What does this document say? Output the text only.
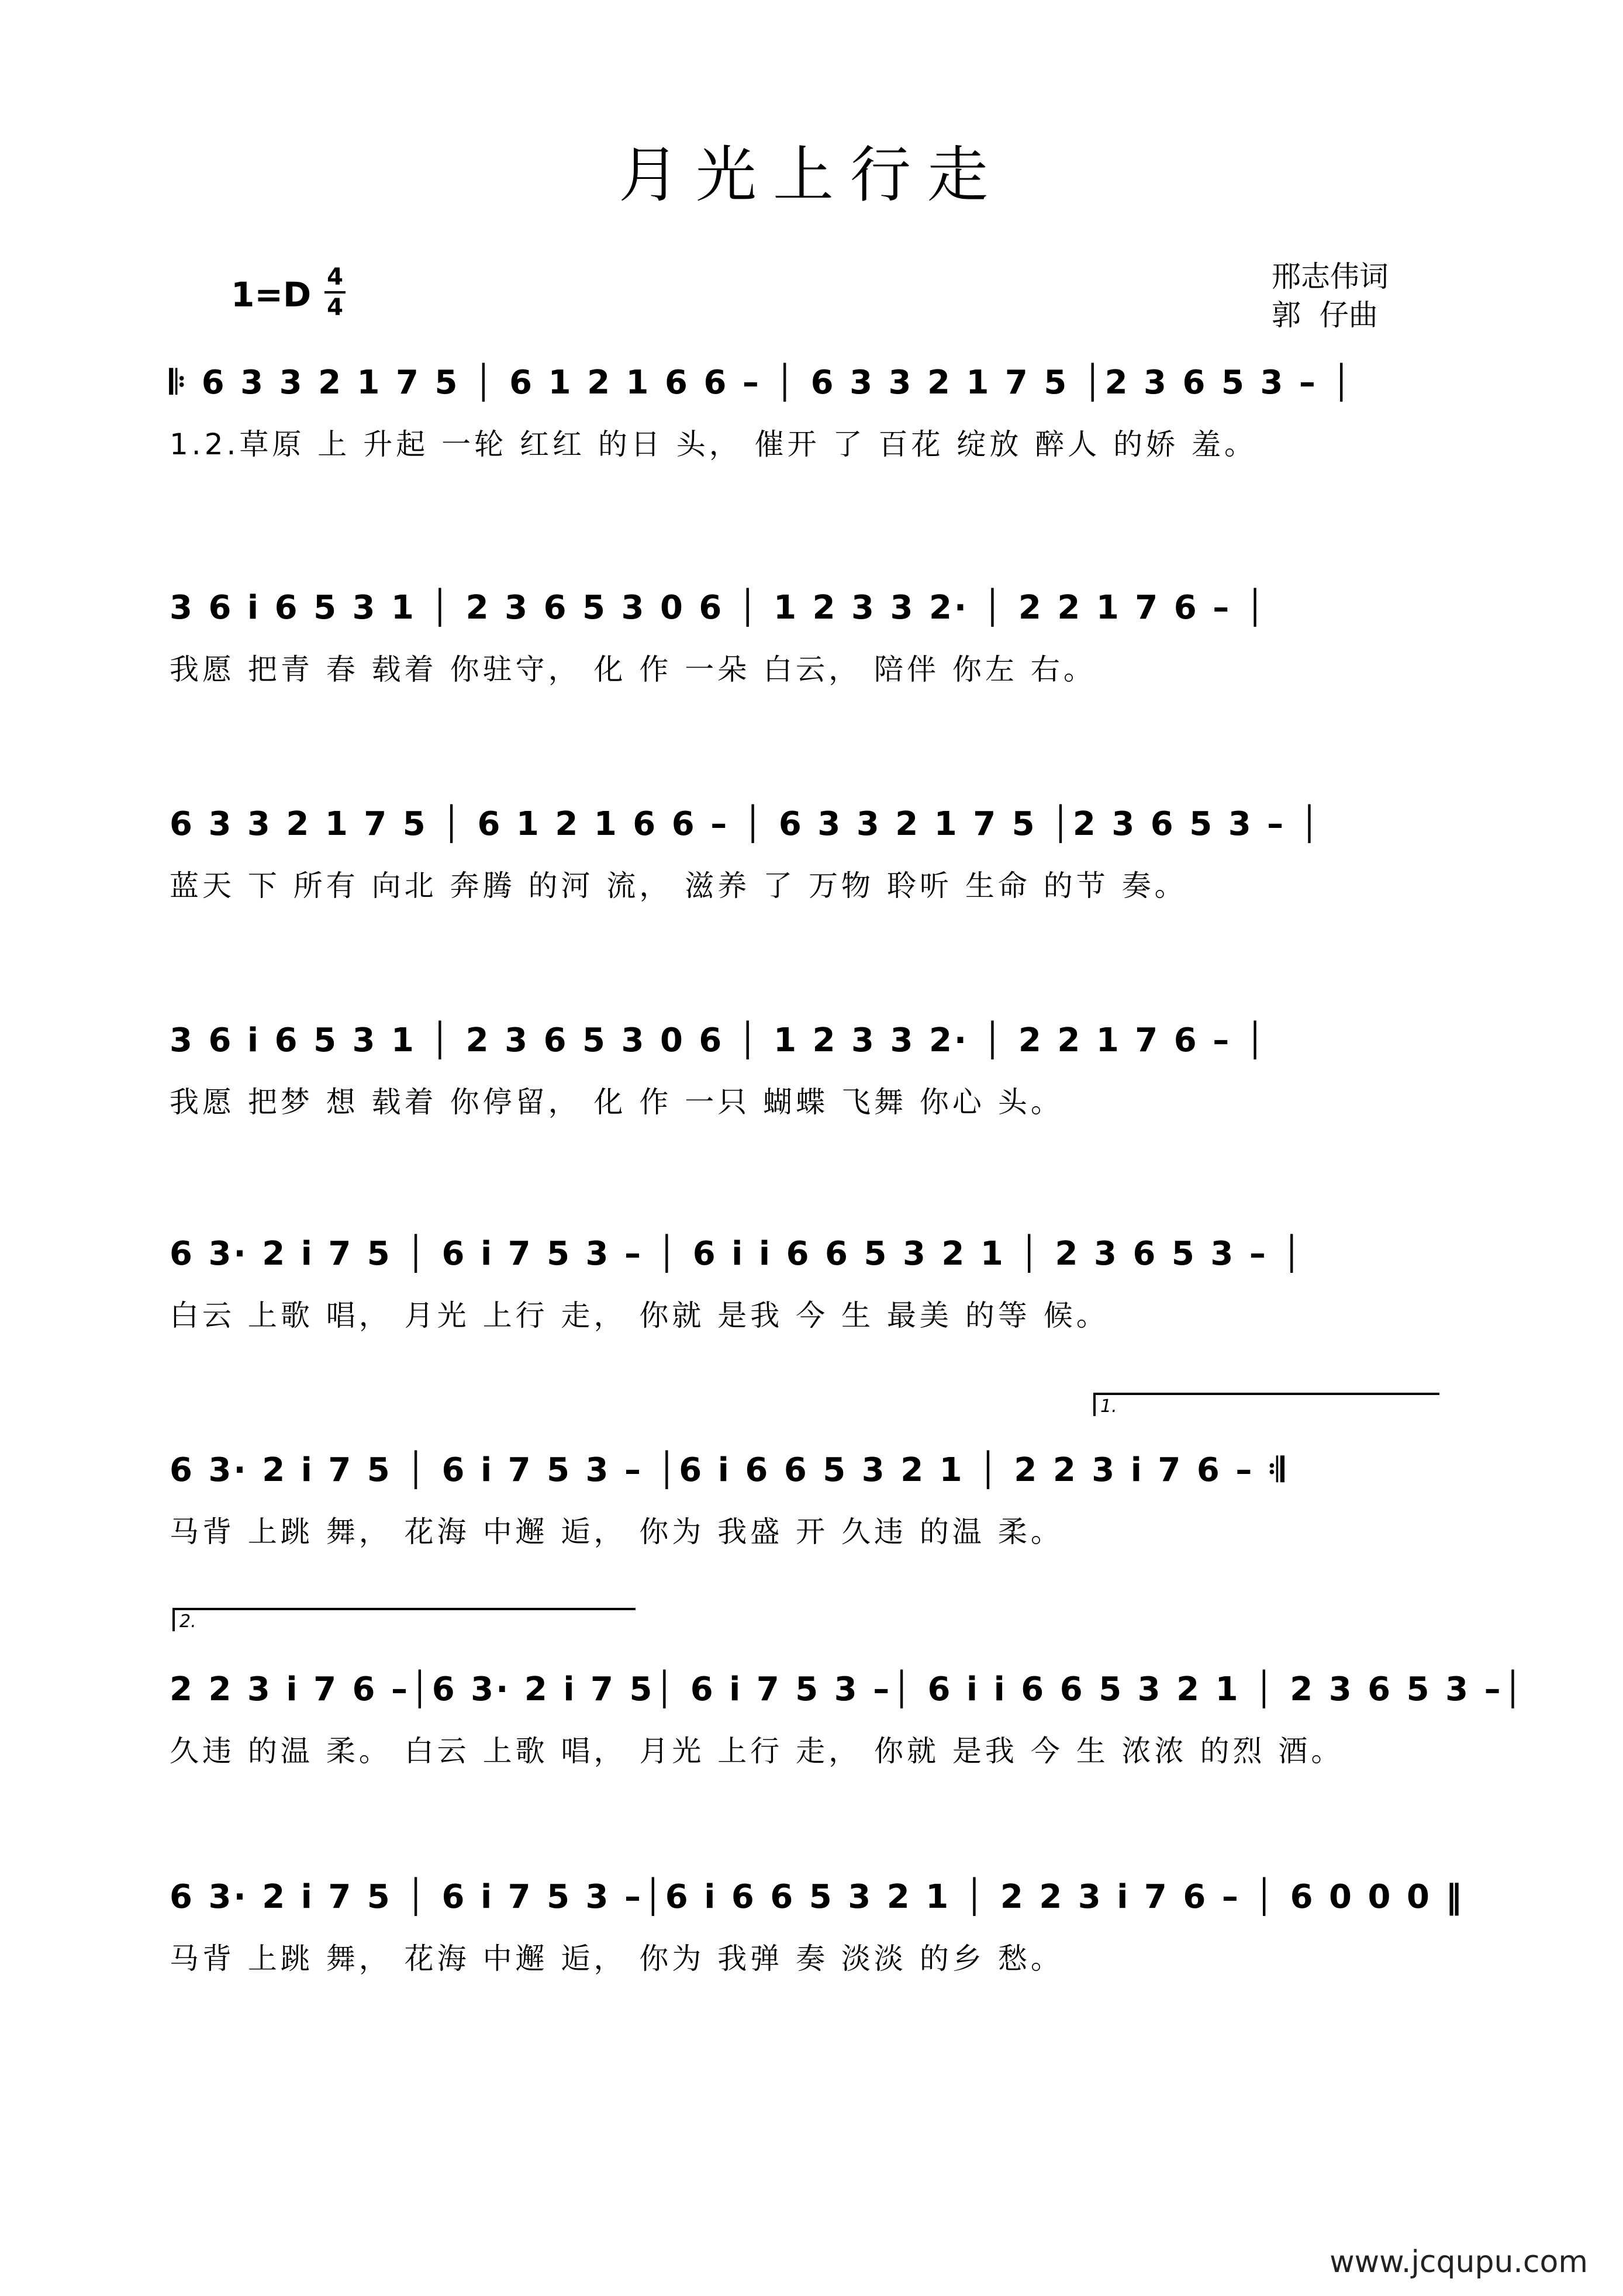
月光上行走
1=D 4
4
邢志伟词
郭  仔曲
𝄆 6 3 3 2 1 7 5 │ 6 1 2 1 6 6 – │ 6 3 3 2 1 7 5 │2 3 6 5 3 – │
1.2.草原 上 升起 一轮 红红 的日 头， 催开 了 百花 绽放 醉人 的娇 羞。
3 6 i 6 5 3 1 │ 2 3 6 5 3 0 6 │ 1 2 3 3 2· │ 2 2 1 7 6 – │
我愿 把青 春 载着 你驻守， 化 作 一朵 白云， 陪伴 你左 右。
6 3 3 2 1 7 5 │ 6 1 2 1 6 6 – │ 6 3 3 2 1 7 5 │2 3 6 5 3 – │
蓝天 下 所有 向北 奔腾 的河 流， 滋养 了 万物 聆听 生命 的节 奏。
3 6 i 6 5 3 1 │ 2 3 6 5 3 0 6 │ 1 2 3 3 2· │ 2 2 1 7 6 – │
我愿 把梦 想 载着 你停留， 化 作 一只 蝴蝶 飞舞 你心 头。
6 3· 2 i 7 5 │ 6 i 7 5 3 – │ 6 i i 6 6 5 3 2 1 │ 2 3 6 5 3 – │
白云 上歌 唱， 月光 上行 走， 你就 是我 今 生 最美 的等 候。
1.
6 3· 2 i 7 5 │ 6 i 7 5 3 – │6 i 6 6 5 3 2 1 │ 2 2 3 i 7 6 – 𝄇
马背 上跳 舞， 花海 中邂 逅， 你为 我盛 开 久违 的温 柔。
2.
2 2 3 i 7 6 –│6 3· 2 i 7 5│ 6 i 7 5 3 –│ 6 i i 6 6 5 3 2 1 │ 2 3 6 5 3 –│
久违 的温 柔。 白云 上歌 唱， 月光 上行 走， 你就 是我 今 生 浓浓 的烈 酒。
6 3· 2 i 7 5 │ 6 i 7 5 3 –│6 i 6 6 5 3 2 1 │ 2 2 3 i 7 6 – │ 6 0 0 0 ‖
马背 上跳 舞， 花海 中邂 逅， 你为 我弹 奏 淡淡 的乡 愁。
www.jcqupu.com
